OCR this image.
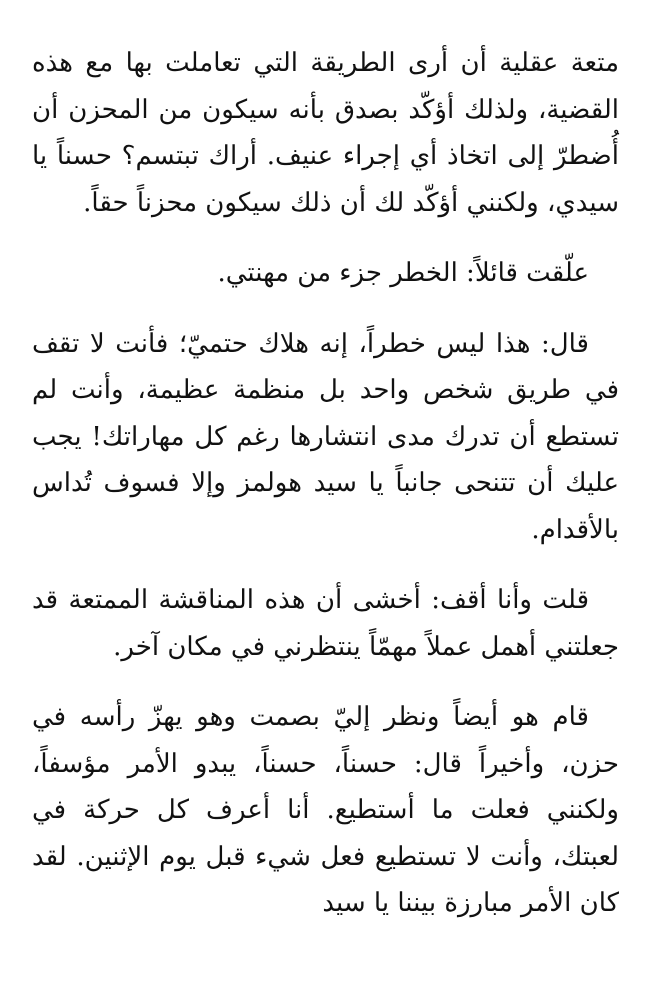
متعة عقلية أن أرى الطريقة التي تعاملت بها مع هذه القضية، ولذلك أؤكّد بصدق بأنه سيكون من المحزن أن أُضطرّ إلى اتخاذ أي إجراء عنيف. أراك تبتسم؟ حسناً يا سيدي، ولكنني أؤكّد لك أن ذلك سيكون محزناً حقاً.

علّقت قائلاً: الخطر جزء من مهنتي.

قال: هذا ليس خطراً، إنه هلاك حتميّ؛ فأنت لا تقف في طريق شخص واحد بل منظمة عظيمة، وأنت لم تستطع أن تدرك مدى انتشارها رغم كل مهاراتك! يجب عليك أن تتنحى جانباً يا سيد هولمز وإلا فسوف تُداس بالأقدام.

قلت وأنا أقف: أخشى أن هذه المناقشة الممتعة قد جعلتني أهمل عملاً مهمّاً ينتظرني في مكان آخر.

قام هو أيضاً ونظر إليّ بصمت وهو يهزّ رأسه في حزن، وأخيراً قال: حسناً، حسناً، يبدو الأمر مؤسفاً، ولكنني فعلت ما أستطيع. أنا أعرف كل حركة في لعبتك، وأنت لا تستطيع فعل شيء قبل يوم الإثنين. لقد كان الأمر مبارزة بيننا يا سيد
